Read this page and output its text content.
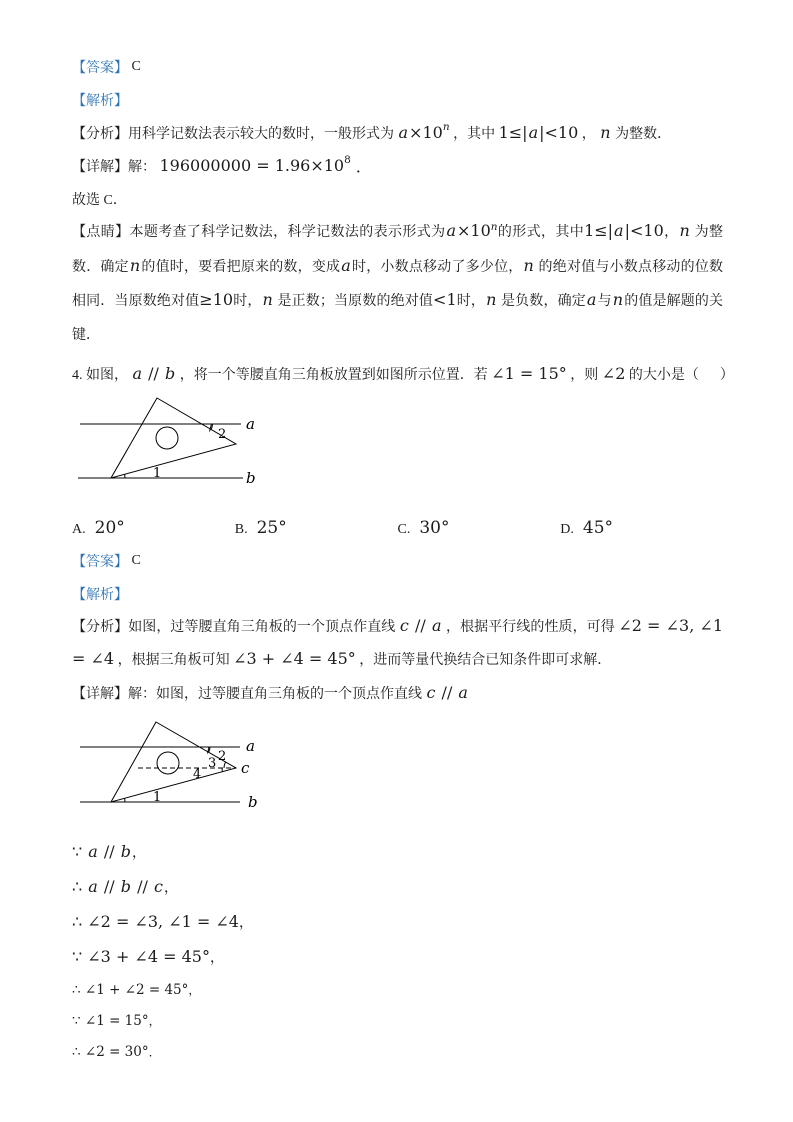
【答案】 C
【解析】
【分析】用科学记数法表示较大的数时，一般形式为 a ×10 n ，其中 1≤| a |<10 ， n 为整数．
【详解】解： 196000000 = 1.96×10 8 ．
故选 C．
【点睛】本题考查了科学记数法，科学记数法的表示形式为$a\times 10^n$的形式，其中1≤|a|<10，n 为整数．确定n的值时，要看把原来的数，变成a时，小数点移动了多少位，n 的绝对值与小数点移动的位数相同．当原数绝对值≥10时，n 是正数；当原数的绝对值<1时，n 是负数，确定a与n的值是解题的关键．
4. 如图， a // b ，将一个等腰直角三角板放置到如图所示位置．若 ∠1 = 15° ，则 ∠2 的大小是（      ）
a
b
2
1
A. 20°	B. 25°	C. 30°	D. 45°
【答案】 C
【解析】
【分析】如图，过等腰直角三角板的一个顶点作直线 c // a ，根据平行线的性质，可得 ∠2 = ∠3, ∠1 = ∠4 ，根据三角板可知 ∠3 + ∠4 = 45° ，进而等量代换结合已知条件即可求解．
【详解】解：如图，过等腰直角三角板的一个顶点作直线 c // a
a
b
c
2
3
4
1
∵ a // b ，
∴ a // b // c ，
∴ ∠2 = ∠3, ∠1 = ∠4 ，
∵ ∠3 + ∠4 = 45° ，
∴ ∠1 + ∠2 = 45° ，
∵ ∠1 = 15° ，
∴ ∠2 = 30° ．
